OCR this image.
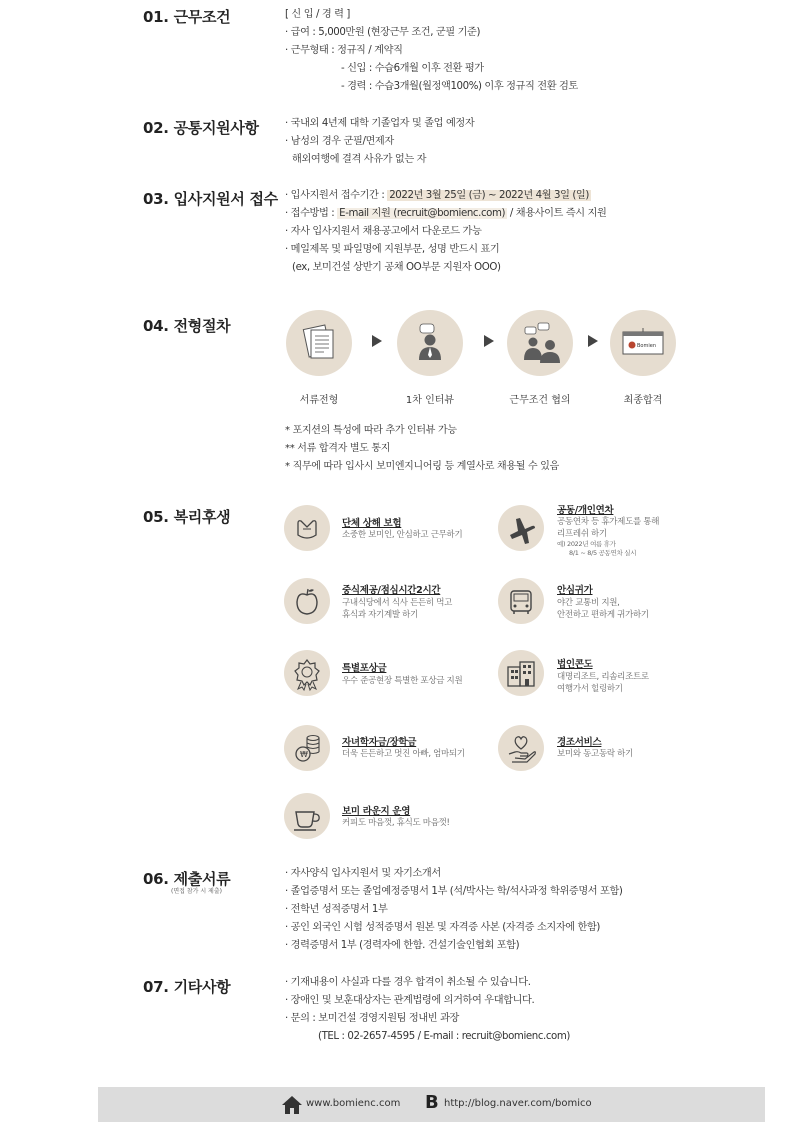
01. 근무조건	[ 신 입 / 경 력 ]
· 급여 : 5,000만원 (현장근무 조건, 군필 기준)
· 근무형태 : 정규직 / 계약직
- 신입 : 수습6개월 이후 전환 평가
- 경력 : 수습3개월(월정액100%) 이후 정규직 전환 검토
02. 공통지원사항	· 국내외 4년제 대학 기졸업자 및 졸업 예정자
· 남성의 경우 군필/면제자
해외여행에 결격 사유가 없는 자
03. 입사지원서 접수 · 입사지원서 접수기간 : 2022년 3월 25일 (금) ~ 2022년 4월 3일 (일)
· 접수방법 : E-mail 지원 (recruit@bomienc.com) / 채용사이트 즉시 지원
· 자사 입사지원서 채용공고에서 다운로드 가능
· 메일제목 및 파일명에 지원부문, 성명 반드시 표기
(ex, 보미건설 상반기 공채 OO부문 지원자 OOO)
04. 전형절차
Bomien
서류전형	1차 인터뷰	근무조건 협의	최종합격
* 포지션의 특성에 따라 추가 인터뷰 가능
** 서류 합격자 별도 통지
* 직무에 따라 입사시 보미엔지니어링 등 계열사로 채용될 수 있음
05. 복리후생	단체 상해 보험
소중한 보미인, 안심하고 근무하기
공동/개인연차
공동연차 등 휴가제도를 통해
리프레쉬 하기
예) 2022년 여름 휴가
8/1 ~ 8/5 공동연차 실시
중식제공/점심시간2시간
구내식당에서 식사 든든히 먹고
휴식과 자기계발 하기
안심귀가
야간 교통비 지원,
안전하고 편하게 귀가하기
특별포상금
우수 준공현장 특별한 포상금 지원
법인콘도
대명리조트, 리솜리조트로
여행가서 힐링하기
₩
자녀학자금/장학금
더욱 든든하고 멋진 아빠, 엄마되기
경조서비스
보미와 동고동락 하기
보미 라운지 운영
커피도 마음껏, 휴식도 마음껏!
06. 제출서류
(면접 참가 시 제출)
· 자사양식 입사지원서 및 자기소개서
· 졸업증명서 또는 졸업예정증명서 1부 (석/박사는 학/석사과정 학위증명서 포함)
· 전학년 성적증명서 1부
· 공인 외국인 시험 성적증명서 원본 및 자격증 사본 (자격증 소지자에 한함)
· 경력증명서 1부 (경력자에 한함. 건설기술인협회 포함)
07. 기타사항	· 기재내용이 사실과 다를 경우 합격이 취소될 수 있습니다.
· 장애인 및 보훈대상자는 관계법령에 의거하여 우대합니다.
· 문의 : 보미건설 경영지원팀 정내빈 과장
(TEL : 02-2657-4595 / E-mail : recruit@bomienc.com)
www.bomienc.com B http://blog.naver.com/bomico
